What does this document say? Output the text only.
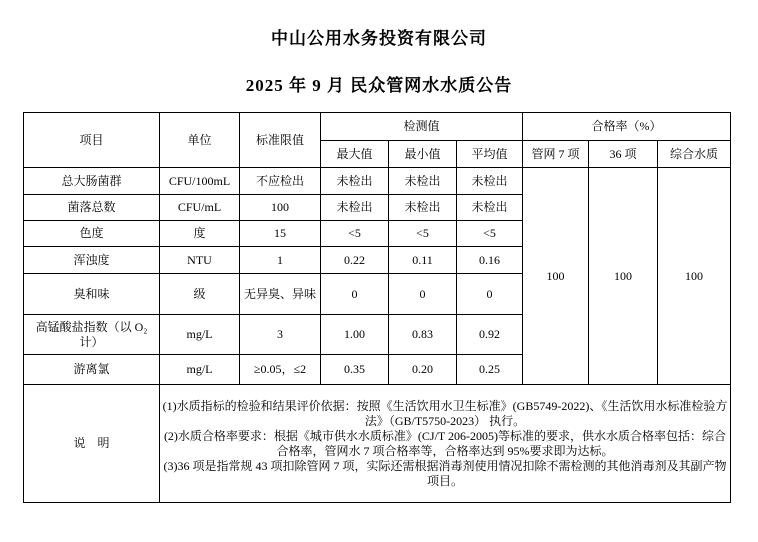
中山公用水务投资有限公司
2025 年 9 月 民众管网水水质公告
项目	单位	标准限值	检测值			合格率（%）		
			最大值	最小值	平均值	管网 7 项	36 项	综合水质
总大肠菌群	CFU/100mL	不应检出	未检出	未检出	未检出	100	100	100
菌落总数	CFU/mL	100	未检出	未检出	未检出			
色度	度	15	<5	<5	<5			
浑浊度	NTU	1	0.22	0.11	0.16			
臭和味	级	无异臭、异味	0	0	0			
高锰酸盐指数（以 O₂ 计）	mg/L	3	1.00	0.83	0.92			
游离氯	mg/L	≥0.05，≤2	0.35	0.20	0.25			
说　明	(1)水质指标的检验和结果评价依据：按照《生活饮用水卫生标准》(GB5749-2022)、《生活饮用水标准检验方法》（GB/T5750-2023） 执行。

(2)水质合格率要求：根据《城市供水水质标准》(CJ/T 206-2005)等标准的要求，供水水质合格率包括：综合合格率，管网水 7 项合格率等，合格率达到 95%要求即为达标。

(3)36 项是指常规 43 项扣除管网 7 项，实际还需根据消毒剂使用情况扣除不需检测的其他消毒剂及其副产物项目。							
